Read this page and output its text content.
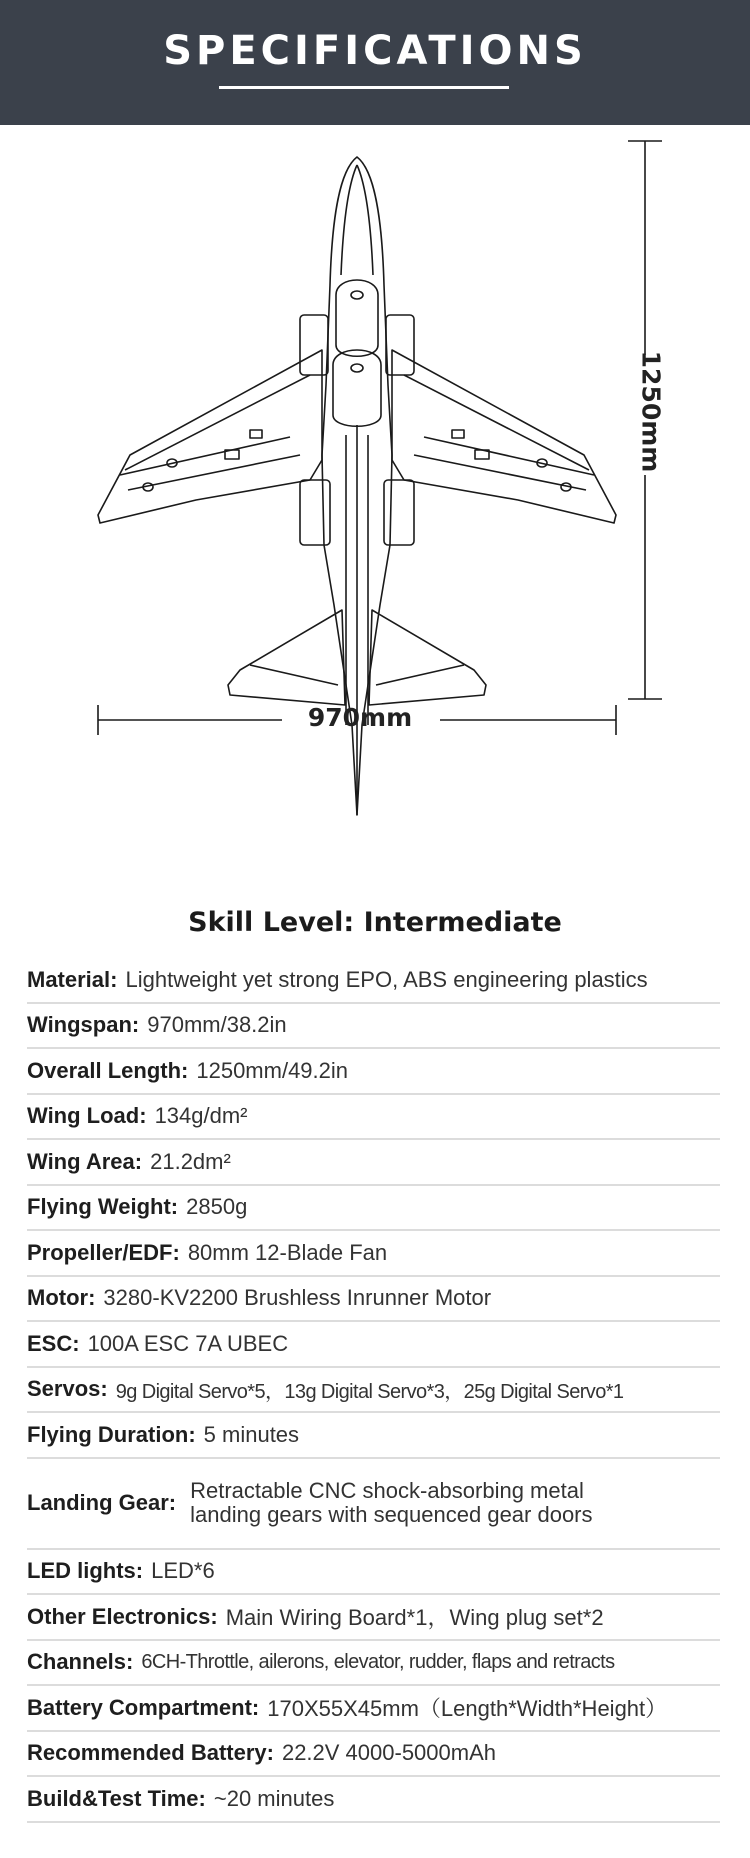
SPECIFICATIONS
970mm
1250mm
Skill Level: Intermediate
Material: Lightweight yet strong EPO, ABS engineering plastics
Wingspan: 970mm/38.2in
Overall Length: 1250mm/49.2in
Wing Load: 134g/dm²
Wing Area: 21.2dm²
Flying Weight: 2850g
Propeller/EDF: 80mm 12-Blade Fan
Motor: 3280-KV2200 Brushless Inrunner Motor
ESC: 100A ESC 7A UBEC
Servos: 9g Digital Servo*5，13g Digital Servo*3，25g Digital Servo*1
Flying Duration: 5 minutes
Landing Gear: Retractable CNC shock-absorbing metal landing gears with sequenced gear doors
LED lights: LED*6
Other Electronics: Main Wiring Board*1，Wing plug set*2
Channels: 6CH-Throttle, ailerons, elevator, rudder, flaps and retracts
Battery Compartment: 170X55X45mm（Length*Width*Height）
Recommended Battery: 22.2V 4000-5000mAh
Build&Test Time: ~20 minutes
